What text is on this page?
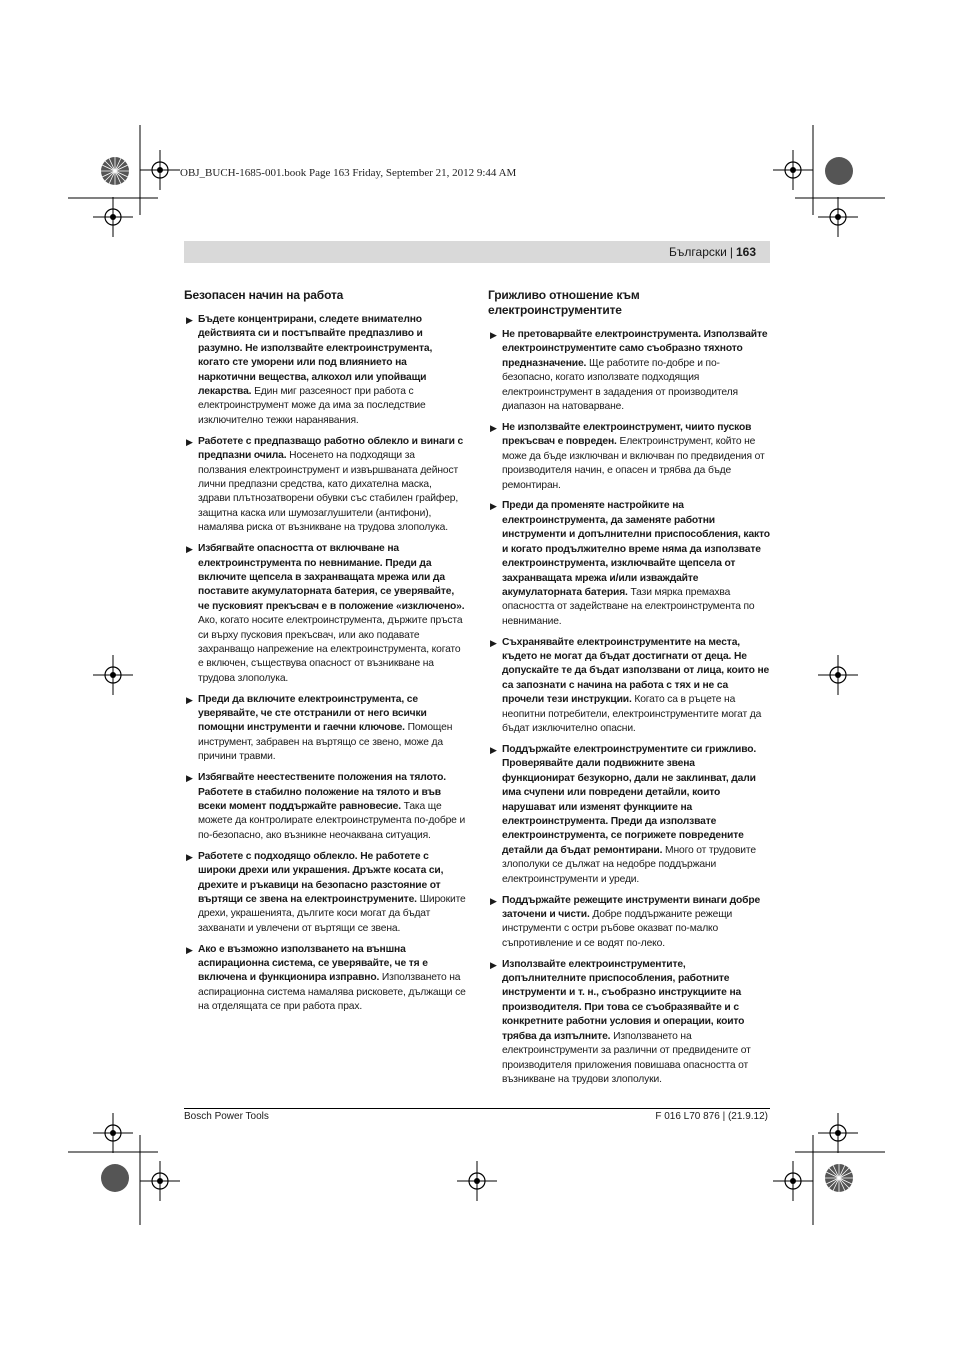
OBJ_BUCH-1685-001.book Page 163 Friday, September 21, 2012 9:44 AM
Български | 163
Безопасен начин на работа
▶ Бъдете концентрирани, следете внимателно действията си и постъпвайте предпазливо и разумно. Не използвайте електроинструмента, когато сте уморени или под влиянието на наркотични вещества, алкохол или упойващи лекарства. Един миг разсеяност при работа с електроинструмент може да има за последствие изключително тежки наранявания.
▶ Работете с предпазващо работно облекло и винаги с предпазни очила. Носенето на подходящи за ползвания електроинструмент и извършваната дейност лични предпазни средства, като дихателна маска, здрави плътнозатворени обувки със стабилен грайфер, защитна каска или шумозаглушители (антифони), намалява риска от възникване на трудова злополука.
▶ Избягвайте опасността от включване на електроинструмента по невнимание. Преди да включите щепсела в захранващата мрежа или да поставите акумулаторната батерия, се уверявайте, че пусковият прекъсвач е в положение «изключено». Ако, когато носите електроинструмента, държите пръста си върху пусковия прекъсвач, или ако подавате захранващо напрежение на електроинструмента, когато е включен, съществува опасност от възникване на трудова злополука.
▶ Преди да включите електроинструмента, се уверявайте, че сте отстранили от него всички помощни инструменти и гаечни ключове. Помощен инструмент, забравен на въртящо се звено, може да причини травми.
▶ Избягвайте неестествените положения на тялото. Работете в стабилно положение на тялото и във всеки момент поддържайте равновесие. Така ще можете да контролирате електроинструмента по-добре и по-безопасно, ако възникне неочаквана ситуация.
▶ Работете с подходящо облекло. Не работете с широки дрехи или украшения. Дръжте косата си, дрехите и ръкавици на безопасно разстояние от въртящи се звена на електроинструмените. Широките дрехи, украшенията, дългите коси могат да бъдат захванати и увлечени от въртящи се звена.
▶ Ако е възможно използването на външна аспирационна система, се уверявайте, че тя е включена и функционира изправно. Използването на аспирационна система намалява рисковете, дължащи се на отделящата се при работа прах.
Грижливо отношение към електроинструментите
▶ Не претоварвайте електроинструмента. Използвайте електроинструментите само съобразно тяхното предназначение. Ще работите по-добре и по-безопасно, когато използвате подходящия електроинструмент в зададения от производителя диапазон на натоварване.
▶ Не използвайте електроинструмент, чиито пусков прекъсвач е повреден. Електроинструмент, който не може да бъде изключван и включван по предвидения от производителя начин, е опасен и трябва да бъде ремонтиран.
▶ Преди да променяте настройките на електроинструмента, да заменяте работни инструменти и допълнителни приспособления, както и когато продължително време няма да използвате електроинструмента, изключвайте щепсела от захранващата мрежа и/или изваждайте акумулаторната батерия. Тази мярка премахва опасността от задействане на електроинструмента по невнимание.
▶ Съхранявайте електроинструментите на места, където не могат да бъдат достигнати от деца. Не допускайте те да бъдат използвани от лица, които не са запознати с начина на работа с тях и не са прочели тези инструкции. Когато са в ръцете на неопитни потребители, електроинструментите могат да бъдат изключително опасни.
▶ Поддържайте електроинструментите си грижливо. Проверявайте дали подвижните звена функционират безукорно, дали не заклинват, дали има счупени или повредени детайли, които нарушават или изменят функциите на електроинструмента. Преди да използвате електроинструмента, се погрижете повредените детайли да бъдат ремонтирани. Много от трудовите злополуки се дължат на недобре поддържани електроинструменти и уреди.
▶ Поддържайте режещите инструменти винаги добре заточени и чисти. Добре поддържаните режещи инструменти с остри ръбове оказват по-малко съпротивление и се водят по-леко.
▶ Използвайте електроинструментите, допълнителните приспособления, работните инструменти и т. н., съобразно инструкциите на производителя. При това се съобразявайте и с конкретните работни условия и операции, които трябва да изпълните. Използването на електроинструменти за различни от предвидените от производителя приложения повишава опасността от възникване на трудови злополуки.
Bosch Power Tools	F 016 L70 876 | (21.9.12)
